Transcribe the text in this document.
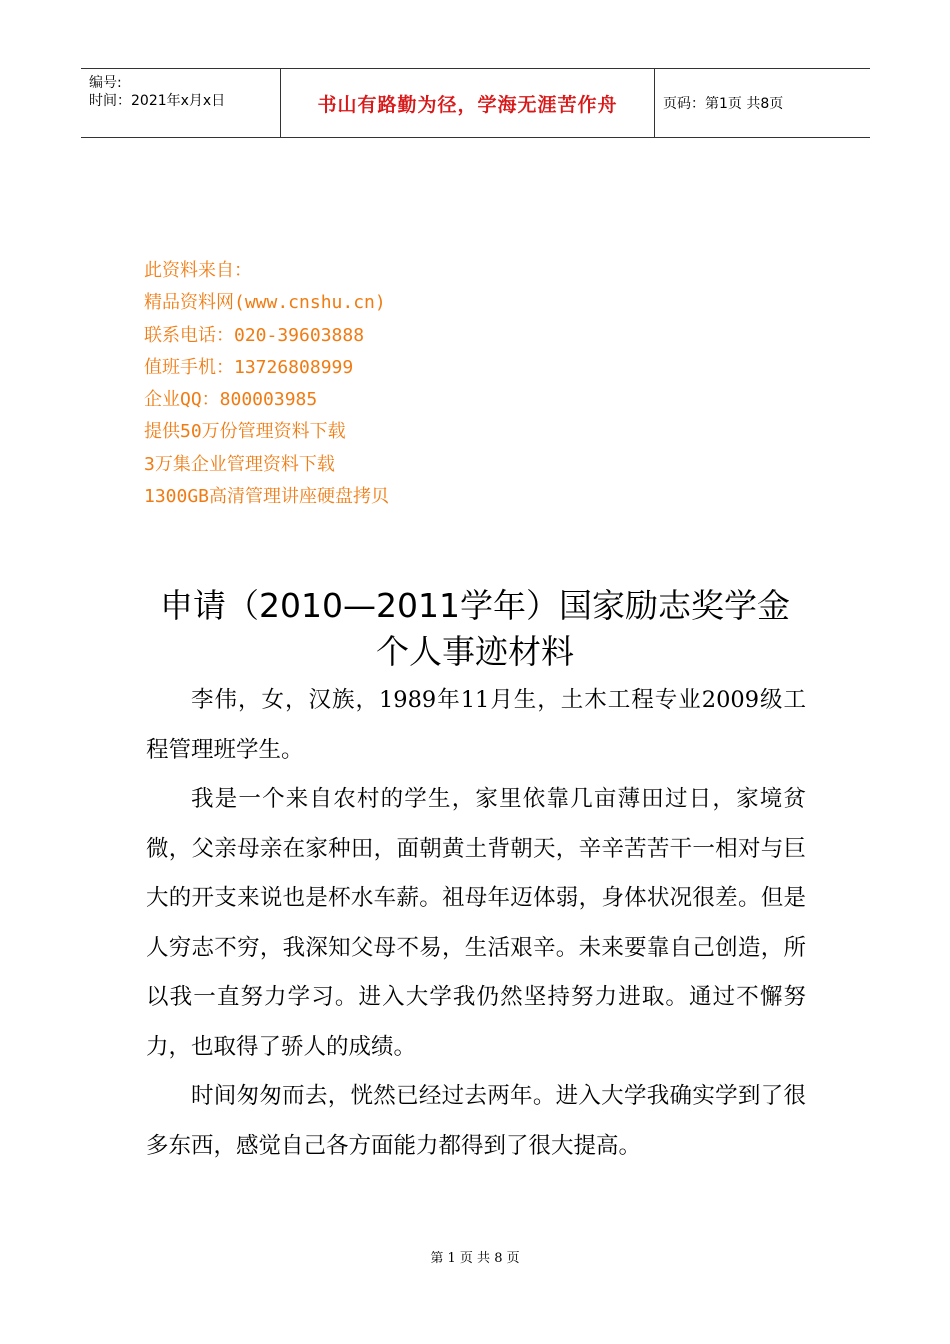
编号:
时间：2021年x月x日	书山有路勤为径，学海无涯苦作舟	页码：第1页 共8页
此资料来自：
精品资料网(www.cnshu.cn)
联系电话：020-39603888
值班手机：13726808999
企业QQ：800003985
提供50万份管理资料下载
3万集企业管理资料下载
1300GB高清管理讲座硬盘拷贝
申请（2010—2011学年）国家励志奖学金
个人事迹材料

李伟，女，汉族，1989年11月生，土木工程专业2009级工程管理班学生。

我是一个来自农村的学生，家里依靠几亩薄田过日，家境贫微，父亲母亲在家种田，面朝黄土背朝天，辛辛苦苦干一相对与巨大的开支来说也是杯水车薪。祖母年迈体弱，身体状况很差。但是人穷志不穷，我深知父母不易，生活艰辛。未来要靠自己创造，所以我一直努力学习。进入大学我仍然坚持努力进取。通过不懈努力，也取得了骄人的成绩。

时间匆匆而去，恍然已经过去两年。进入大学我确实学到了很多东西，感觉自己各方面能力都得到了很大提高。

第 1 页 共 8 页
